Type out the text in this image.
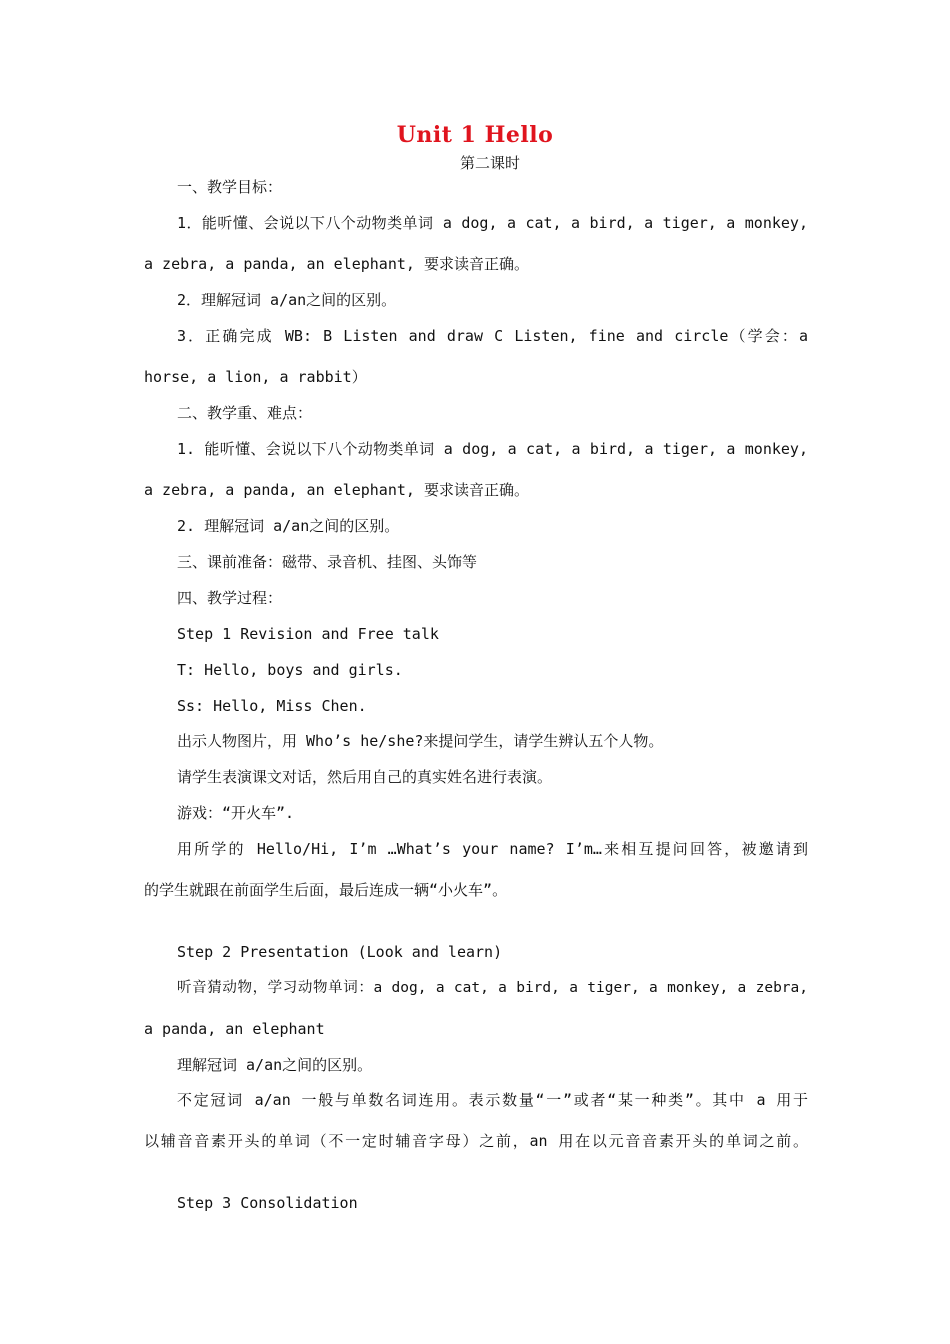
Unit 1 Hello
第二课时
一、教学目标：
1．能听懂、会说以下八个动物类单词 a dog, a cat, a bird, a tiger, a monkey,
a zebra, a panda, an elephant, 要求读音正确。
2．理解冠词 a/an之间的区别。
3．正确完成 WB: B Listen and draw C Listen, fine and circle（学会：a
horse, a lion, a rabbit）
二、教学重、难点：
1. 能听懂、会说以下八个动物类单词 a dog, a cat, a bird, a tiger, a monkey,
a zebra, a panda, an elephant, 要求读音正确。
2. 理解冠词 a/an之间的区别。
三、课前准备：磁带、录音机、挂图、头饰等
四、教学过程：
Step 1 Revision and Free talk
T: Hello, boys and girls.
Ss: Hello, Miss Chen.
出示人物图片，用 Who’s he/she?来提问学生，请学生辨认五个人物。
请学生表演课文对话，然后用自己的真实姓名进行表演。
游戏：“开火车”.
用所学的 Hello/Hi, I’m …What’s your name? I’m…来相互提问回答，被邀请到
的学生就跟在前面学生后面，最后连成一辆“小火车”。
Step 2 Presentation (Look and learn)
听音猜动物，学习动物单词：a dog, a cat, a bird, a tiger, a monkey, a zebra,
a panda, an elephant
理解冠词 a/an之间的区别。
不定冠词 a/an 一般与单数名词连用。表示数量“一”或者“某一种类”。其中 a 用于
以辅音音素开头的单词（不一定时辅音字母）之前，an 用在以元音音素开头的单词之前。
Step 3 Consolidation
